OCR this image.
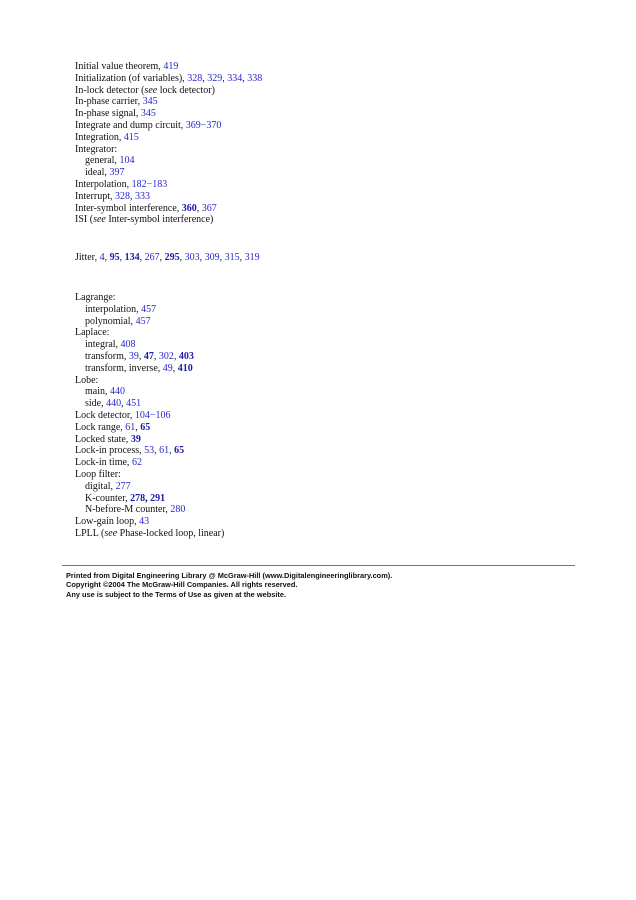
Initial value theorem, 419
Initialization (of variables), 328, 329, 334, 338
In-lock detector (see lock detector)
In-phase carrier, 345
In-phase signal, 345
Integrate and dump circuit, 369−370
Integration, 415
Integrator:
general, 104
ideal, 397
Interpolation, 182−183
Interrupt, 328, 333
Inter-symbol interference, 360, 367
ISI (see Inter-symbol interference)
Jitter, 4, 95, 134, 267, 295, 303, 309, 315, 319
Lagrange:
interpolation, 457
polynomial, 457
Laplace:
integral, 408
transform, 39, 47, 302, 403
transform, inverse, 49, 410
Lobe:
main, 440
side, 440, 451
Lock detector, 104−106
Lock range, 61, 65
Locked state, 39
Lock-in process, 53, 61, 65
Lock-in time, 62
Loop filter:
digital, 277
K-counter, 278, 291
N-before-M counter, 280
Low-gain loop, 43
LPLL (see Phase-locked loop, linear)
Printed from Digital Engineering Library @ McGraw-Hill (www.Digitalengineeringlibrary.com).
Copyright ©2004 The McGraw-Hill Companies. All rights reserved.
Any use is subject to the Terms of Use as given at the website.
